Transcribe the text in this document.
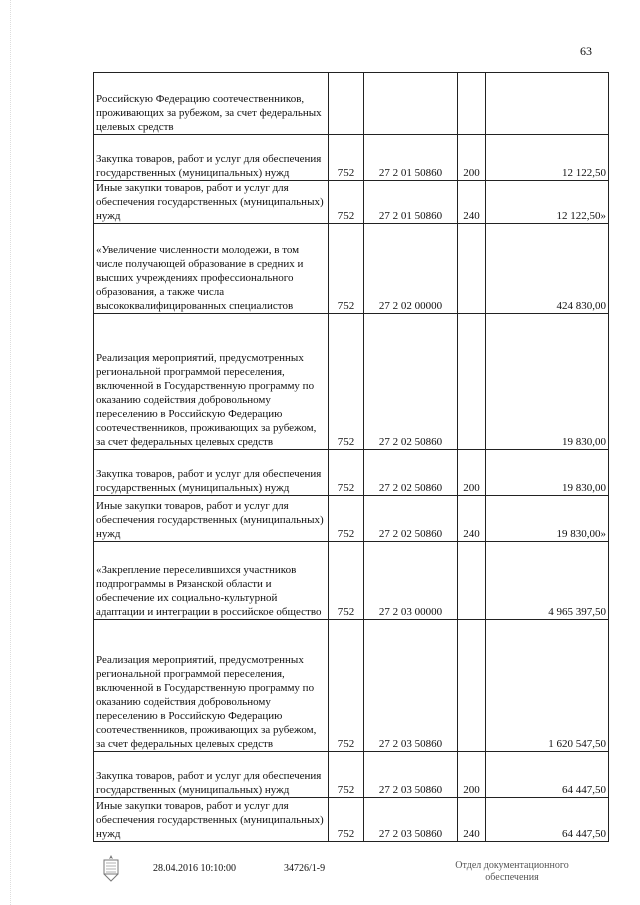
63
Российскую Федерацию соотечественников, проживающих за рубежом, за счет федеральных целевых средств				
Закупка товаров, работ и услуг для обеспечения государственных (муниципальных) нужд	752	27 2 01 50860	200	12 122,50
Иные закупки товаров, работ и услуг для обеспечения государственных (муниципальных) нужд	752	27 2 01 50860	240	12 122,50»
«Увеличение численности молодежи, в том числе получающей образование в средних и высших учреждениях профессионального образования, а также числа высококвалифицированных специалистов	752	27 2 02 00000		424 830,00
Реализация мероприятий, предусмотренных региональной программой переселения, включенной в Государственную программу по оказанию содействия добровольному переселению в Российскую Федерацию соотечественников, проживающих за рубежом, за счет федеральных целевых средств	752	27 2 02 50860		19 830,00
Закупка товаров, работ и услуг для обеспечения государственных (муниципальных) нужд	752	27 2 02 50860	200	19 830,00
Иные закупки товаров, работ и услуг для обеспечения государственных (муниципальных) нужд	752	27 2 02 50860	240	19 830,00»
«Закрепление переселившихся участников подпрограммы в Рязанской области и обеспечение их социально-культурной адаптации и интеграции в российское общество	752	27 2 03 00000		4 965 397,50
Реализация мероприятий, предусмотренных региональной программой переселения, включенной в Государственную программу по оказанию содействия добровольному переселению в Российскую Федерацию соотечественников, проживающих за рубежом, за счет федеральных целевых средств	752	27 2 03 50860		1 620 547,50
Закупка товаров, работ и услуг для обеспечения государственных (муниципальных) нужд	752	27 2 03 50860	200	64 447,50
Иные закупки товаров, работ и услуг для обеспечения государственных (муниципальных) нужд	752	27 2 03 50860	240	64 447,50
28.04.2016 10:10:00	34726/1-9	Отдел документационного
обеспечения
